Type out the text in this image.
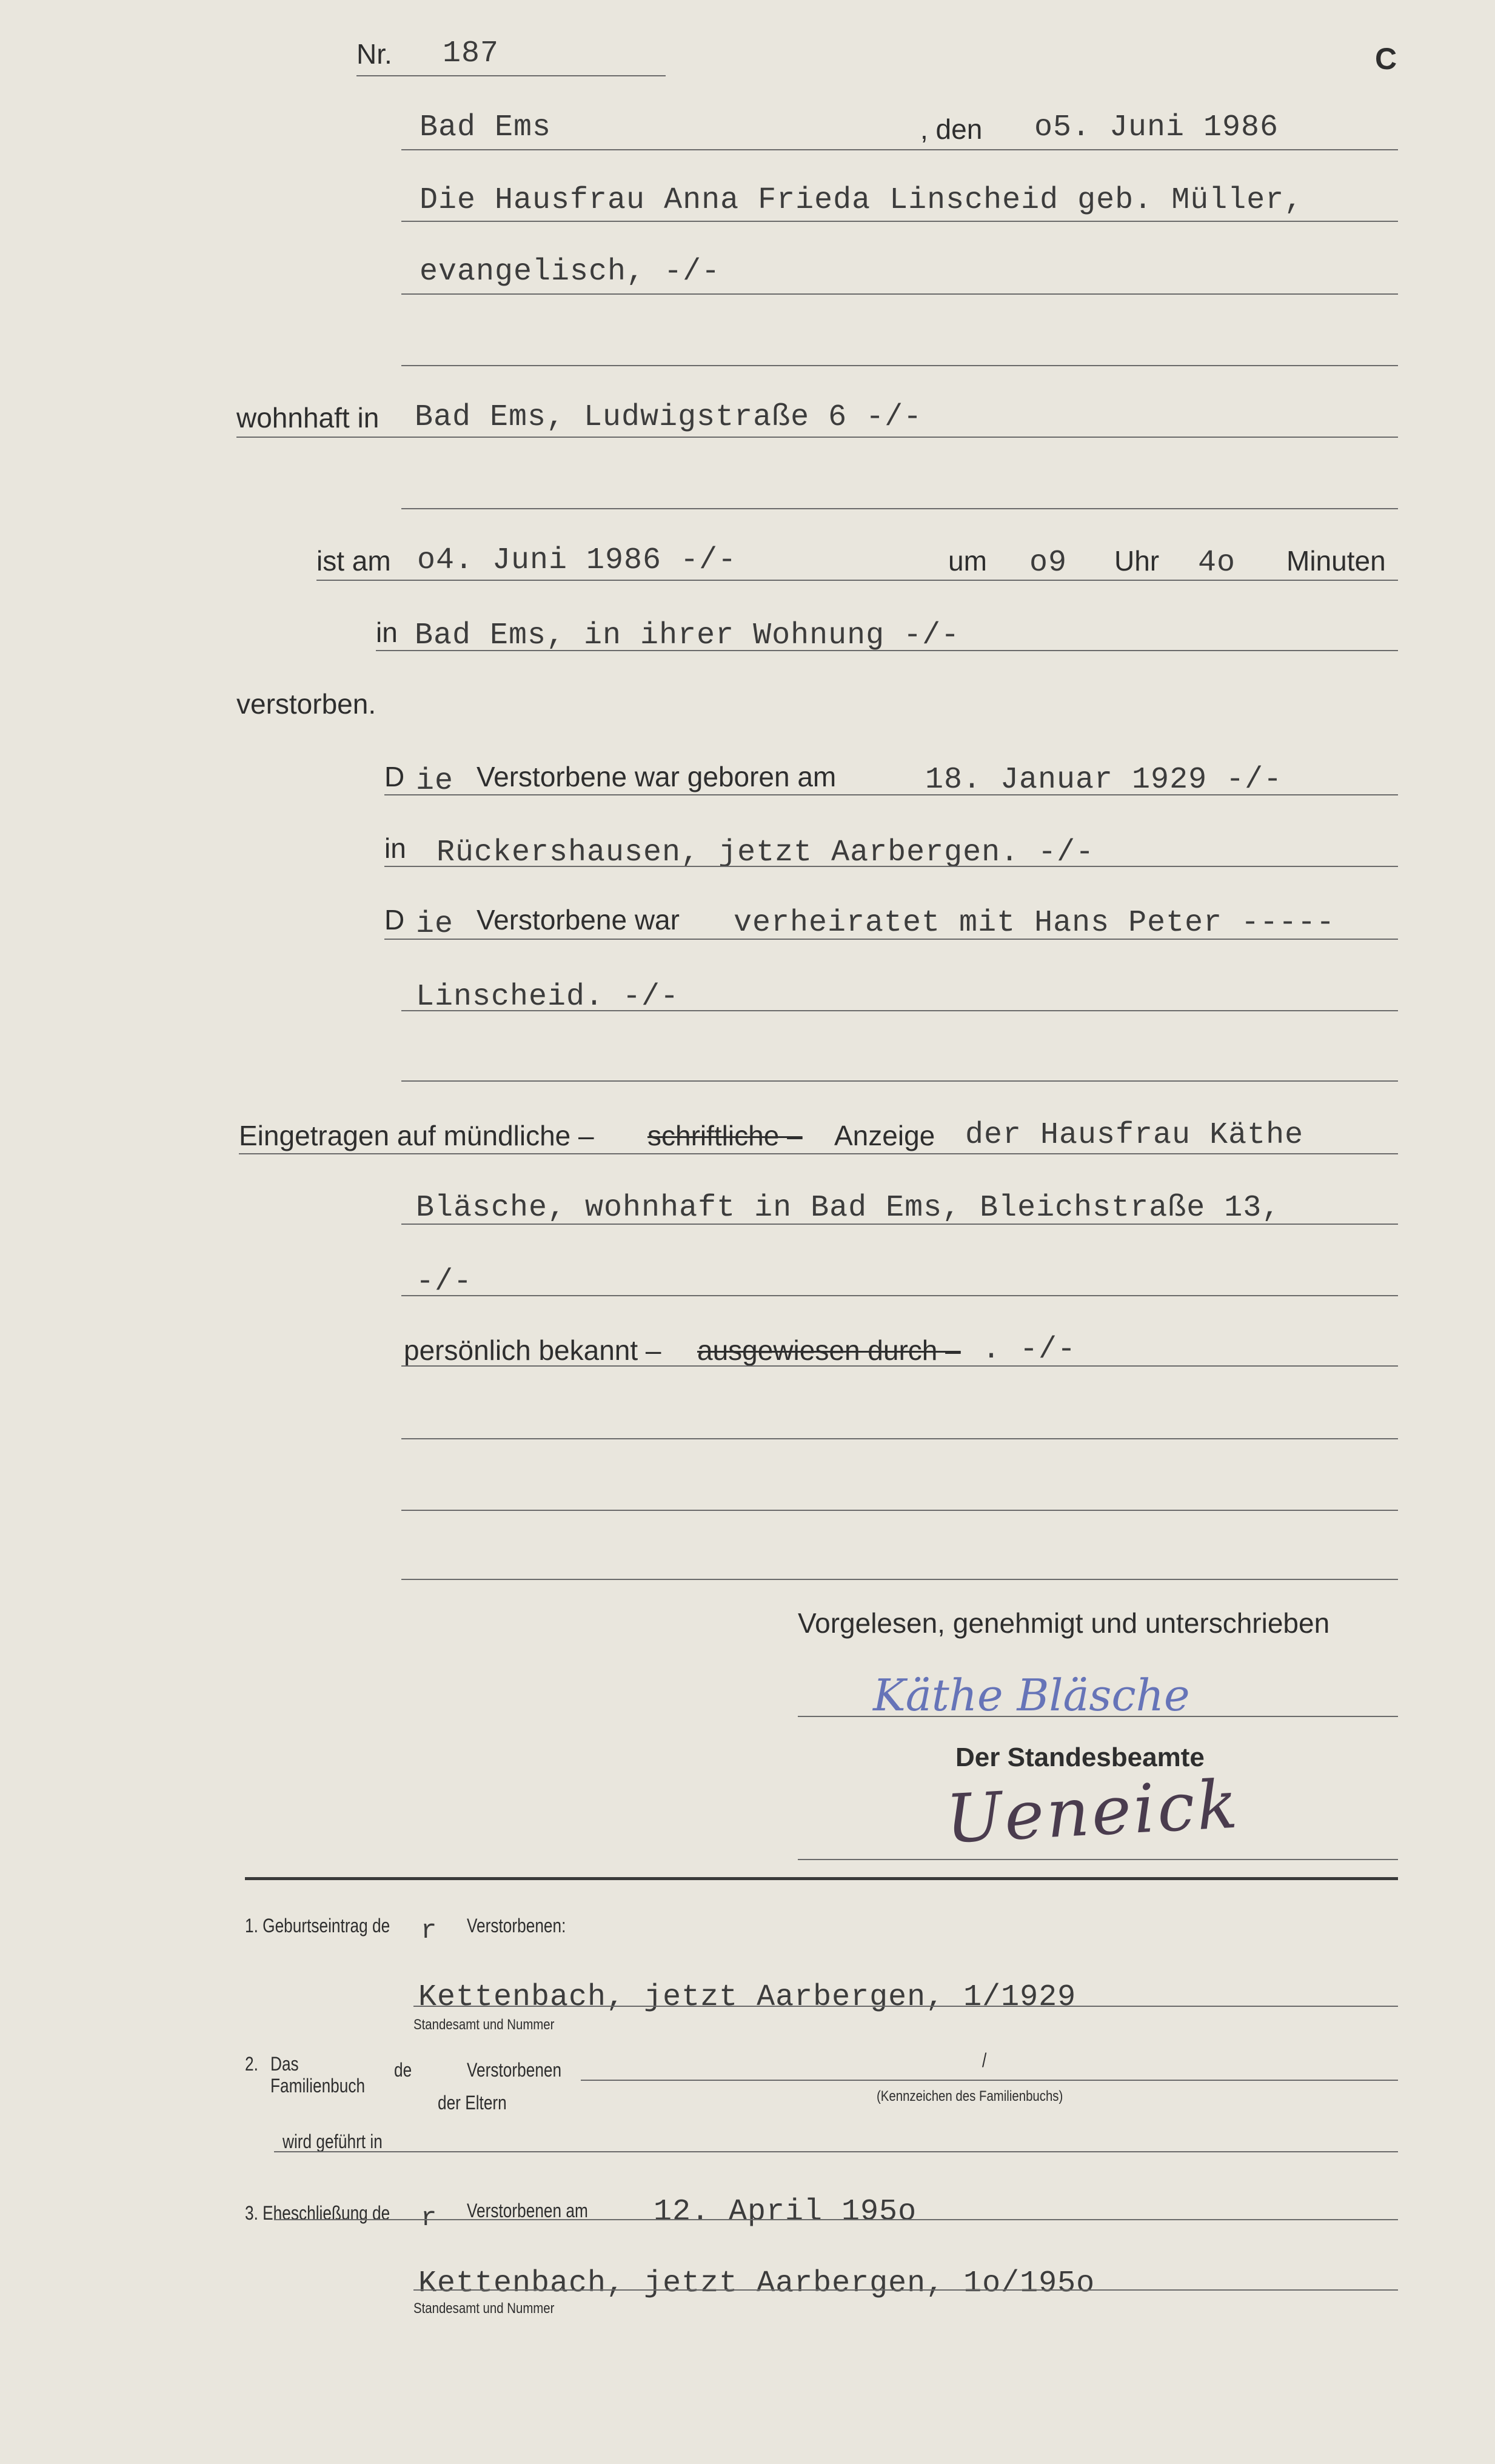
Nr. 187	C
Bad Ems	, den o5. Juni 1986
Die Hausfrau Anna Frieda Linscheid geb. Müller,
evangelisch, -/-
wohnhaft in Bad Ems, Ludwigstraße 6 -/-
ist am o4. Juni 1986 -/-	um o9 Uhr 4o Minuten
in Bad Ems, in ihrer Wohnung -/-
verstorben.
D ie Verstorbene war geboren am	18. Januar 1929 -/-
in Rückershausen, jetzt Aarbergen. -/-
D ie Verstorbene war verheiratet mit Hans Peter -----
Linscheid. -/-
Eingetragen auf mündliche – schriftliche – Anzeige der Hausfrau Käthe
Bläsche, wohnhaft in Bad Ems, Bleichstraße 13,
-/-
persönlich bekannt – ausgewiesen durch – . -/-
Vorgelesen, genehmigt und unterschrieben
Käthe Bläsche
Der Standesbeamte
Ueneick
1. Geburtseintrag de r Verstorbenen:
Kettenbach, jetzt Aarbergen, 1/1929
Standesamt und Nummer
2. Das
Familienbuch
de	Verstorbenen
der Eltern
/
(Kennzeichen des Familienbuchs)
wird geführt in
3. Eheschließung de r Verstorbenen am 12. April 195o
Kettenbach, jetzt Aarbergen, 1o/195o
Standesamt und Nummer
